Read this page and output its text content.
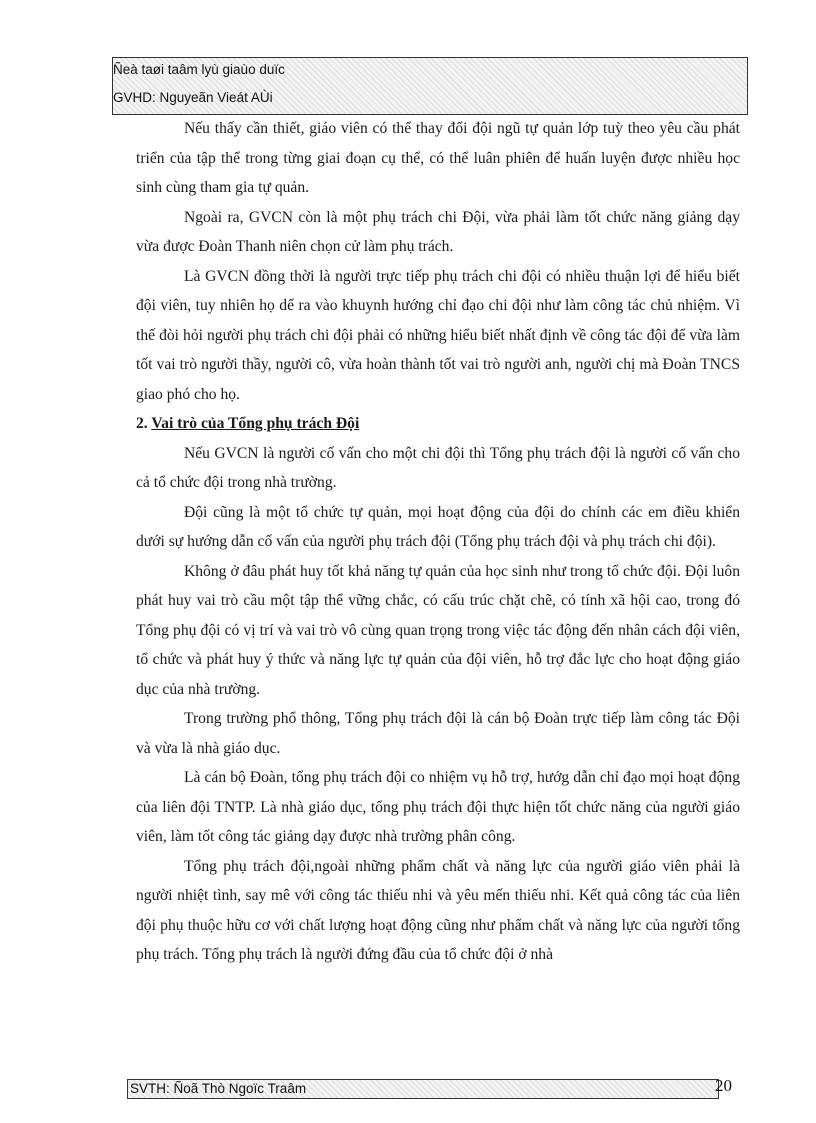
Ñeà taøi taâm lyù giaùo duïc
GVHD: Nguyeãn Vieát AÙi

Nếu thấy cần thiết, giáo viên có thể thay đổi đội ngũ tự quản lớp tuỳ theo yêu cầu phát triển của tập thể trong từng giai đoạn cụ thể, có thể luân phiên để huấn luyện được nhiều học sinh cùng tham gia tự quản.

Ngoài ra, GVCN còn là một phụ trách chi Đội, vừa phải làm tốt chức năng giảng dạy vừa được Đoàn Thanh niên chọn cử làm phụ trách.

Là GVCN đồng thời là người trực tiếp phụ trách chi đội có nhiều thuận lợi để hiểu biết đội viên, tuy nhiên họ dể ra vào khuynh hướng chỉ đạo chi đội như làm công tác chủ nhiệm. Vì thế đòi hỏi người phụ trách chi đội phải có những hiểu biết nhất định về công tác đội để vừa làm tốt vai trò người thầy, người cô, vừa hoàn thành tốt vai trò người anh, người chị mà Đoàn TNCS giao phó cho họ.

2. Vai trò của Tổng phụ trách Đội

Nếu GVCN là người cố vấn cho một chi đội thì Tổng phụ trách đội là người cố vấn cho cả tổ chức đội trong nhà trường.

Đội cũng là một tổ chức tự quản, mọi hoạt động của đội do chính các em điều khiển dưới sự hướng dẫn cố vấn của người phụ trách đội (Tổng phụ trách đội và phụ trách chi đội).

Không ở đâu phát huy tốt khả năng tự quản của học sinh như trong tổ chức đội. Đội luôn phát huy vai trò cầu một tập thể vững chắc, có cấu trúc chặt chẽ, có tính xã hội cao, trong đó Tổng phụ đội có vị trí và vai trò vô cùng quan trọng trong việc tác động đến nhân cách đội viên, tổ chức và phát huy ý thức và năng lực tự quản của đội viên, hỗ trợ đắc lực cho hoạt động giáo dục của nhà trường.

Trong trường phổ thông, Tổng phụ trách đội là cán bộ Đoàn trực tiếp làm công tác Đội và vừa là nhà giáo dục.

Là cán bộ Đoàn, tổng phụ trách đội co nhiệm vụ hỗ trợ, hướg dẫn chỉ đạo mọi hoạt động của liên đội TNTP. Là nhà giáo dục, tổng phụ trách đội thực hiện tốt chức năng của người giáo viên, làm tốt công tác giảng dạy được nhà trường phân công.

Tổng phụ trách đội,ngoài những phẩm chất và năng lực của người giáo viên phải là người nhiệt tình, say mê với công tác thiếu nhi và yêu mến thiếu nhi. Kết quả công tác của liên đội phụ thuộc hữu cơ với chất lượng hoạt động cũng như phẩm chất và năng lực của người tổng phụ trách. Tổng phụ trách là người đứng đầu của tổ chức đội ở nhà

SVTH: Ñoã Thò Ngoïc Traâm	20
